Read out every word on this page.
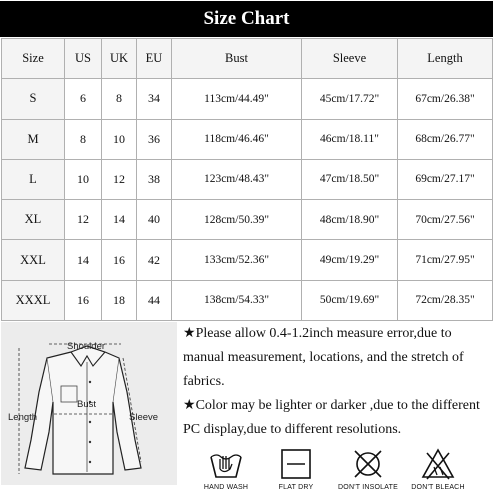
Size Chart
Size	US	UK	EU	Bust	Sleeve	Length
S	6	8	34	113cm/44.49"	45cm/17.72"	67cm/26.38"
M	8	10	36	118cm/46.46"	46cm/18.11"	68cm/26.77"
L	10	12	38	123cm/48.43"	47cm/18.50"	69cm/27.17"
XL	12	14	40	128cm/50.39"	48cm/18.90"	70cm/27.56"
XXL	14	16	42	133cm/52.36"	49cm/19.29"	71cm/27.95"
XXXL	16	18	44	138cm/54.33"	50cm/19.69"	72cm/28.35"
Shoulder
Bust
Length	Sleeve

★Please allow 0.4-1.2inch measure error,due to manual measurement, locations, and the stretch of fabrics.

★Color may be lighter or darker ,due to the different PC display,due to different resolutions.

HAND WASH	FLAT DRY	DON'T INSOLATE	DON'T BLEACH
